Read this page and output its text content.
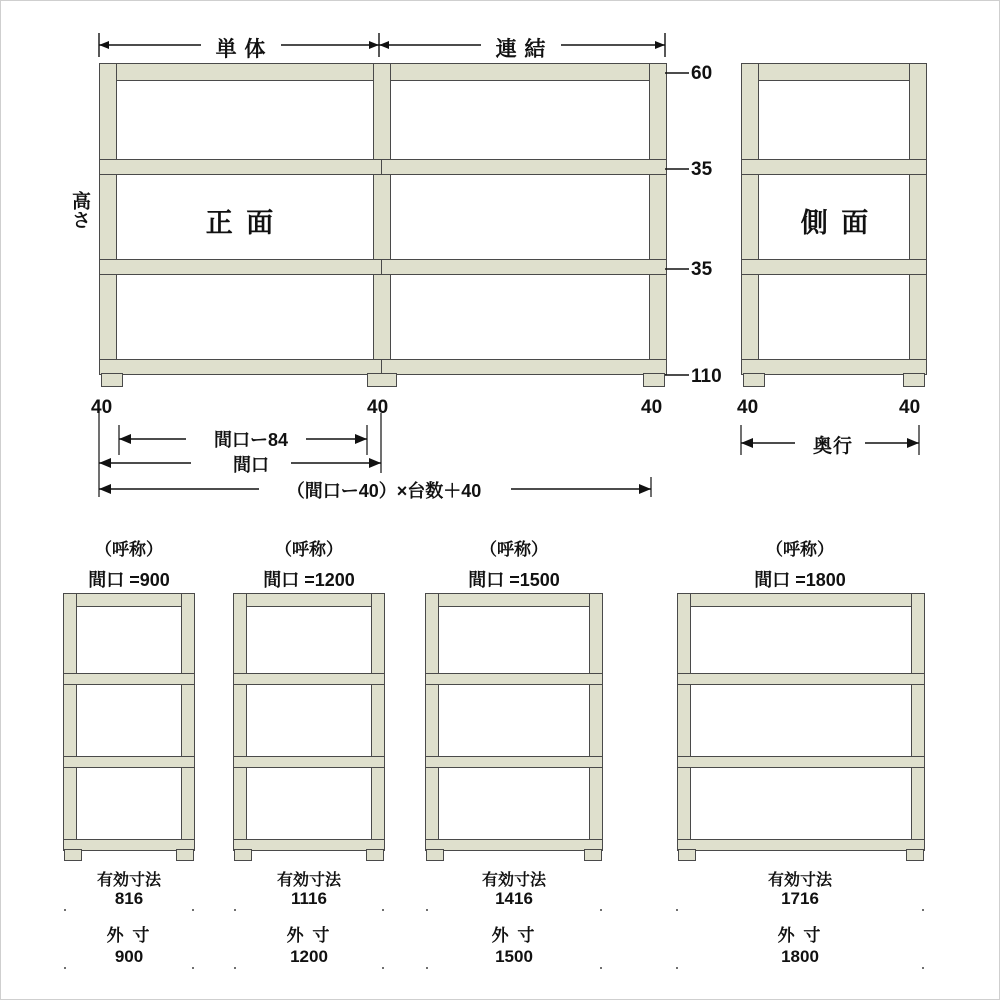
単 体	連 結
正 面
高さ
60
35
35
110
40	40	40
間口ー84
間口
（間口ー40）×台数＋40
側 面
40	40
奥行
（呼称）
間口 =900
有効寸法
816
外 寸
900
（呼称）
間口 =1200
有効寸法
1116
外 寸
1200
（呼称）
間口 =1500
有効寸法
1416
外 寸
1500
（呼称）
間口 =1800
有効寸法
1716
外 寸
1800
